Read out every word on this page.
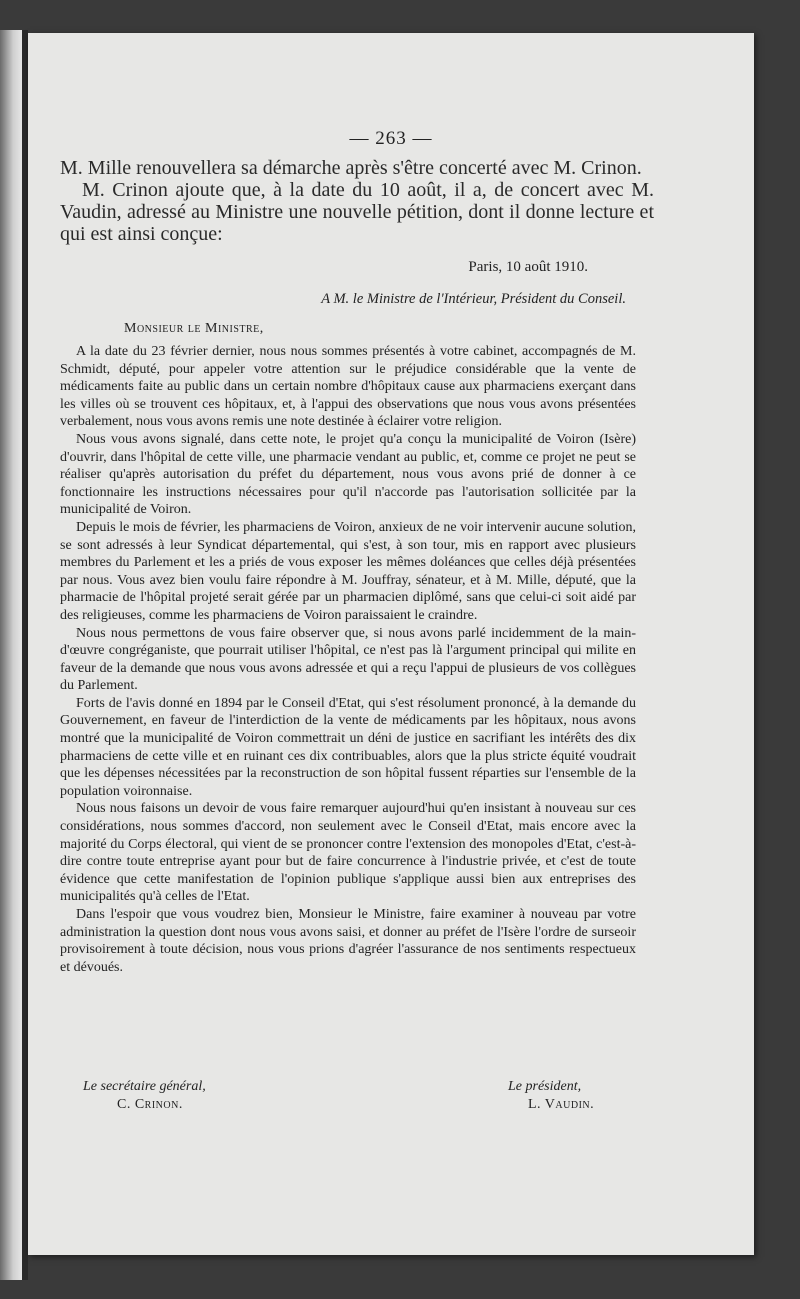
— 263 —

M. Mille renouvellera sa démarche après s'être concerté avec M. Crinon.

M. Crinon ajoute que, à la date du 10 août, il a, de concert avec M. Vaudin, adressé au Ministre une nouvelle pétition, dont il donne lecture et qui est ainsi conçue:

Paris, 10 août 1910.
A M. le Ministre de l'Intérieur, Président du Conseil.
Monsieur le Ministre,

A la date du 23 février dernier, nous nous sommes présentés à votre cabinet, accompagnés de M. Schmidt, député, pour appeler votre attention sur le préjudice considérable que la vente de médicaments faite au public dans un certain nombre d'hôpitaux cause aux pharmaciens exerçant dans les villes où se trouvent ces hôpitaux, et, à l'appui des observations que nous vous avons présentées verbalement, nous vous avons remis une note destinée à éclairer votre religion.

Nous vous avons signalé, dans cette note, le projet qu'a conçu la municipalité de Voiron (Isère) d'ouvrir, dans l'hôpital de cette ville, une pharmacie vendant au public, et, comme ce projet ne peut se réaliser qu'après autorisation du préfet du département, nous vous avons prié de donner à ce fonctionnaire les instructions nécessaires pour qu'il n'accorde pas l'autorisation sollicitée par la municipalité de Voiron.

Depuis le mois de février, les pharmaciens de Voiron, anxieux de ne voir intervenir aucune solution, se sont adressés à leur Syndicat départemental, qui s'est, à son tour, mis en rapport avec plusieurs membres du Parlement et les a priés de vous exposer les mêmes doléances que celles déjà présentées par nous. Vous avez bien voulu faire répondre à M. Jouffray, sénateur, et à M. Mille, député, que la pharmacie de l'hôpital projeté serait gérée par un pharmacien diplômé, sans que celui-ci soit aidé par des religieuses, comme les pharmaciens de Voiron paraissaient le craindre.

Nous nous permettons de vous faire observer que, si nous avons parlé incidemment de la main-d'œuvre congréganiste, que pourrait utiliser l'hôpital, ce n'est pas là l'argument principal qui milite en faveur de la demande que nous vous avons adressée et qui a reçu l'appui de plusieurs de vos collègues du Parlement.

Forts de l'avis donné en 1894 par le Conseil d'Etat, qui s'est résolument prononcé, à la demande du Gouvernement, en faveur de l'interdiction de la vente de médicaments par les hôpitaux, nous avons montré que la municipalité de Voiron commettrait un déni de justice en sacrifiant les intérêts des dix pharmaciens de cette ville et en ruinant ces dix contribuables, alors que la plus stricte équité voudrait que les dépenses nécessitées par la reconstruction de son hôpital fussent réparties sur l'ensemble de la population voironnaise.

Nous nous faisons un devoir de vous faire remarquer aujourd'hui qu'en insistant à nouveau sur ces considérations, nous sommes d'accord, non seulement avec le Conseil d'Etat, mais encore avec la majorité du Corps électoral, qui vient de se prononcer contre l'extension des monopoles d'Etat, c'est-à-dire contre toute entreprise ayant pour but de faire concurrence à l'industrie privée, et c'est de toute évidence que cette manifestation de l'opinion publique s'applique aussi bien aux entreprises des municipalités qu'à celles de l'Etat.

Dans l'espoir que vous voudrez bien, Monsieur le Ministre, faire examiner à nouveau par votre administration la question dont nous vous avons saisi, et donner au préfet de l'Isère l'ordre de surseoir provisoirement à toute décision, nous vous prions d'agréer l'assurance de nos sentiments respectueux et dévoués.

Le secrétaire général,
C. Crinon.
Le président,
L. Vaudin.
